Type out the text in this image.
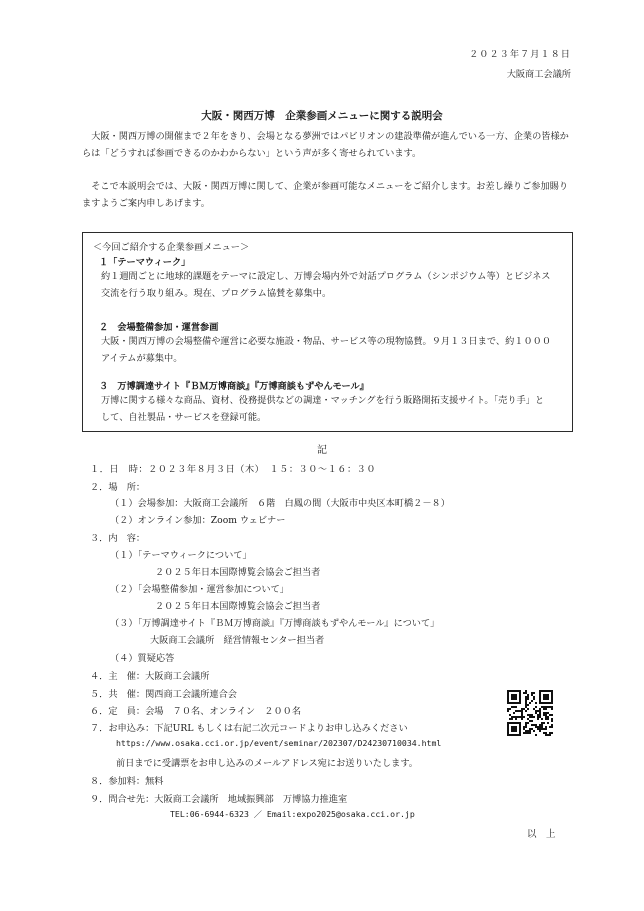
２０２３年７月１８日
大阪商工会議所
大阪・関西万博　企業参画メニューに関する説明会
大阪・関西万博の開催まで２年をきり、会場となる夢洲ではパビリオンの建設準備が進んでいる一方、企業の皆様からは「どうすれば参画できるのかわからない」という声が多く寄せられています。
そこで本説明会では、大阪・関西万博に関して、企業が参画可能なメニューをご紹介します。お差し繰りご参加賜りますようご案内申しあげます。
＜今回ご紹介する企業参画メニュー＞
１「テーマウィーク」
約１週間ごとに地球的課題をテーマに設定し、万博会場内外で対話プログラム（シンポジウム等）とビジネス交流を行う取り組み。現在、プログラム協賛を募集中。
２　会場整備参加・運営参画
大阪・関西万博の会場整備や運営に必要な施設・物品、サービス等の現物協賛。９月１３日まで、約１０００アイテムが募集中。
３　万博調達サイト『ＢＭ万博商談』『万博商談もずやんモール』
万博に関する様々な商品、資材、役務提供などの調達・マッチングを行う販路開拓支援サイト。「売り手」として、自社製品・サービスを登録可能。
記
１．日　時：２０２３年８月３日（木）　１５：３０～１６：３０
２．場　所：
（１）会場参加：大阪商工会議所　６階　白鳳の間（大阪市中央区本町橋２－８）
（２）オンライン参加：Zoom ウェビナー
３．内　容：
（１）「テーマウィークについて」
２０２５年日本国際博覧会協会ご担当者
（２）「会場整備参加・運営参加について」
２０２５年日本国際博覧会協会ご担当者
（３）「万博調達サイト『ＢＭ万博商談』『万博商談もずやんモール』について」
大阪商工会議所　経営情報センター担当者
（４）質疑応答
４．主　催：大阪商工会議所
５．共　催：関西商工会議所連合会
６．定　員：会場　７０名、オンライン　２００名
７．お申込み：下記URL もしくは右記二次元コードよりお申し込みください
https://www.osaka.cci.or.jp/event/seminar/202307/D24230710034.html
前日までに受講票をお申し込みのメールアドレス宛にお送りいたします。
８．参加料：無料
９．問合せ先：大阪商工会議所　地域振興部　万博協力推進室
TEL:06-6944-6323 ／ Email:expo2025@osaka.cci.or.jp
以　上
